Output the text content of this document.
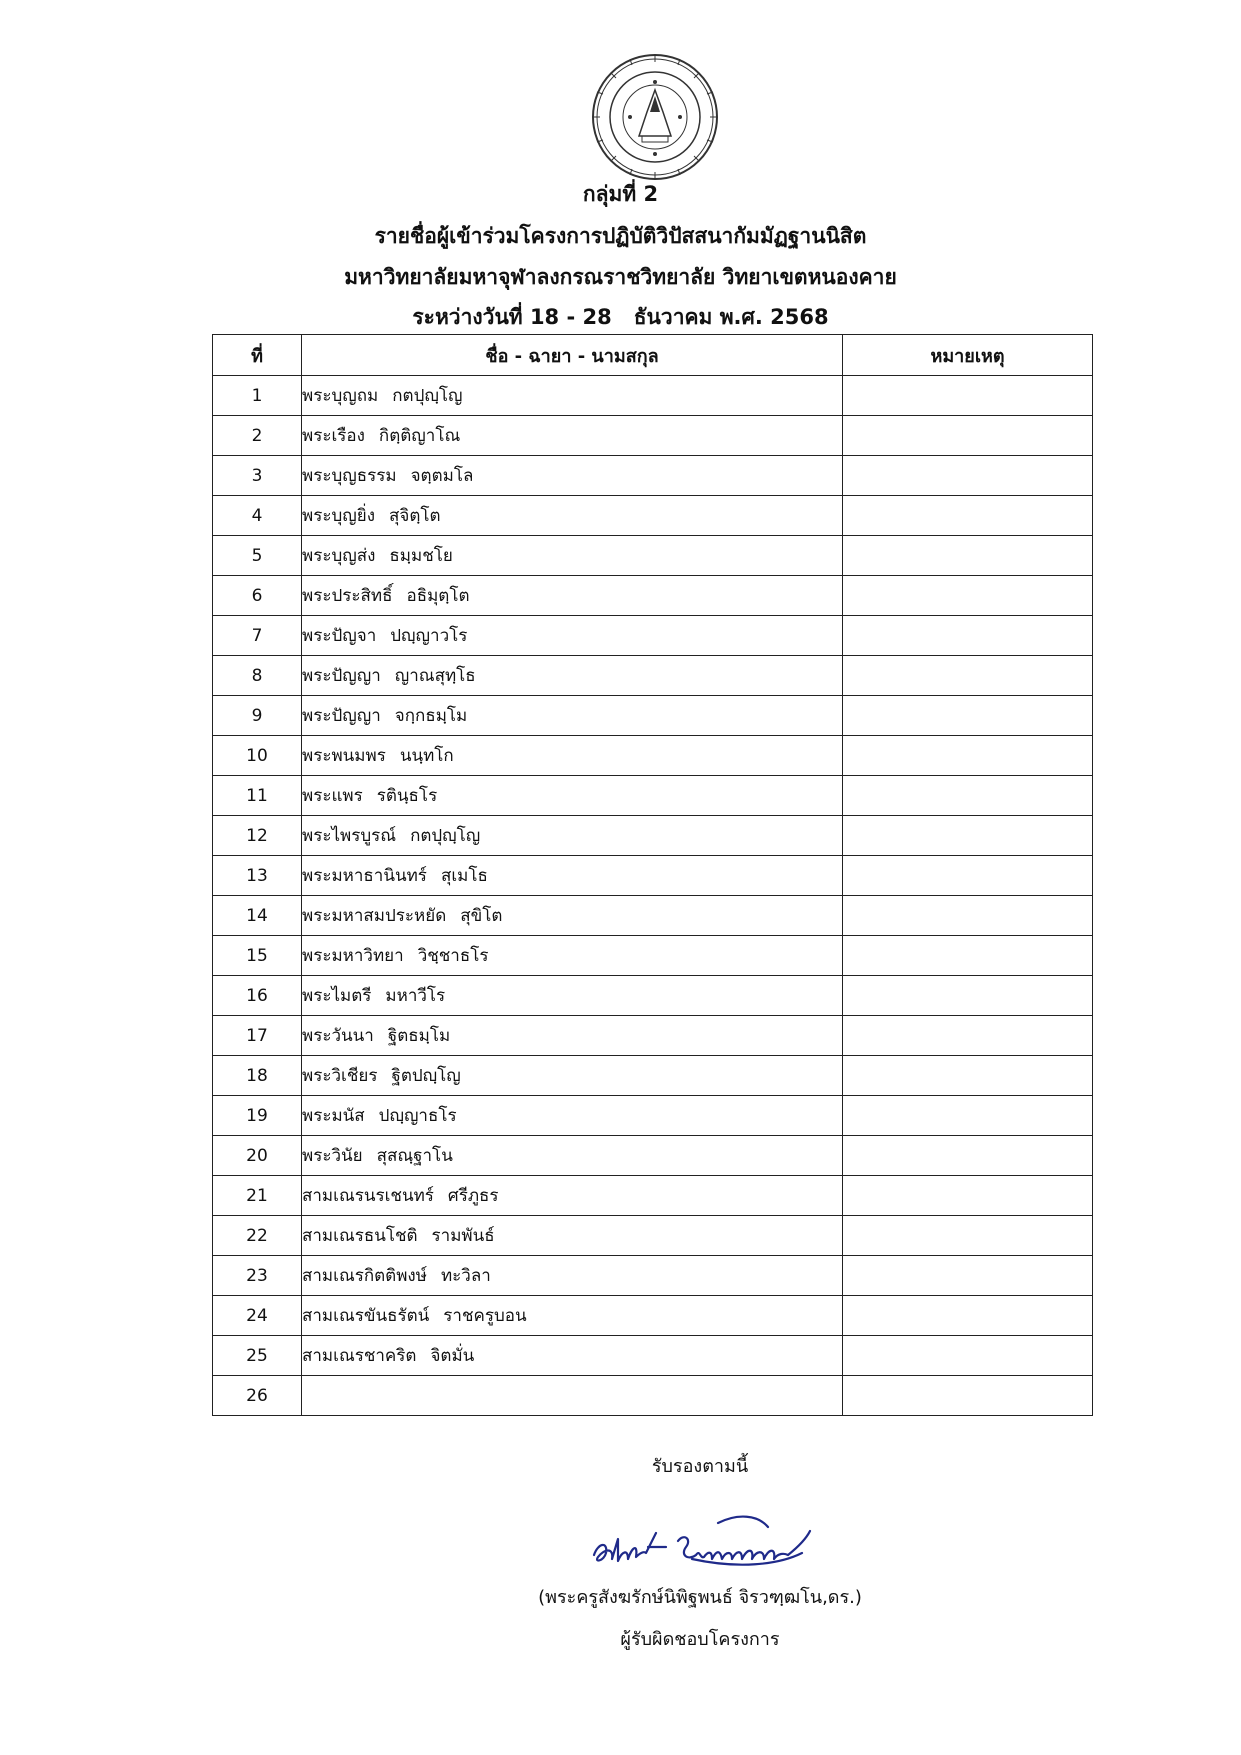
กลุ่มที่ 2
รายชื่อผู้เข้าร่วมโครงการปฏิบัติวิปัสสนากัมมัฏฐานนิสิต
มหาวิทยาลัยมหาจุฬาลงกรณราชวิทยาลัย วิทยาเขตหนองคาย
ระหว่างวันที่ 18 - 28 ธันวาคม พ.ศ. 2568
ที่	ชื่อ - ฉายา - นามสกุล	หมายเหตุ
1	พระบุญถม กตปุญฺโญ	
2	พระเรือง กิตฺติญาโณ	
3	พระบุญธรรม จตฺตมโล	
4	พระบุญยิ่ง สุจิตฺโต	
5	พระบุญส่ง ธมฺมชโย	
6	พระประสิทธิ์ อธิมุตฺโต	
7	พระปัญจา ปญฺญาวโร	
8	พระปัญญา ญาณสุทฺโธ	
9	พระปัญญา จกฺกธมฺโม	
10	พระพนมพร นนฺทโก	
11	พระแพร รตินฺธโร	
12	พระไพรบูรณ์ กตปุญฺโญ	
13	พระมหาธานินทร์ สุเมโธ	
14	พระมหาสมประหยัด สุขิโต	
15	พระมหาวิทยา วิชฺชาธโร	
16	พระไมตรี มหาวีโร	
17	พระวันนา ฐิตธมฺโม	
18	พระวิเชียร ฐิตปญฺโญ	
19	พระมนัส ปญฺญาธโร	
20	พระวินัย สุสณฺฐาโน	
21	สามเณรนรเชนทร์ ศรีภูธร	
22	สามเณรธนโชติ รามพันธ์	
23	สามเณรกิตติพงษ์ ทะวิลา	
24	สามเณรขันธรัตน์ ราชครูบอน	
25	สามเณรชาคริต จิตมั่น	
26		
รับรองตามนี้
(พระครูสังฆรักษ์นิพิฐพนธ์ จิรวฑฺฒโน,ดร.)
ผู้รับผิดชอบโครงการ
